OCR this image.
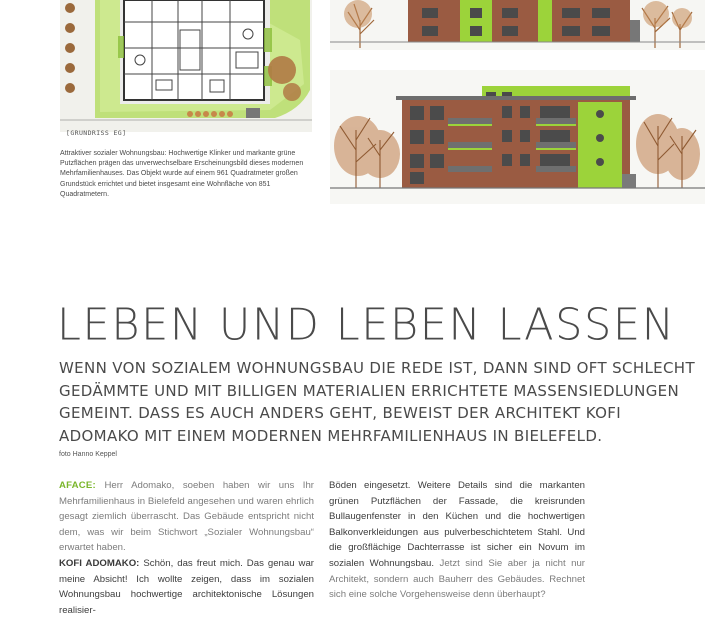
[GRUNDRISS EG]
Attraktiver sozialer Wohnungsbau: Hochwertige Klinker und markante grüne Putzflächen prägen das unverwechselbare Erscheinungsbild dieses modernen Mehrfamilienhauses. Das Objekt wurde auf einem 961 Quadratmeter großen Grundstück errichtet und bietet insgesamt eine Wohnfläche von 851 Quadratmetern.
LEBEN UND LEBEN LASSEN

WENN VON SOZIALEM WOHNUNGSBAU DIE REDE IST, DANN SIND OFT SCHLECHT GEDÄMMTE UND MIT BILLIGEN MATERIALIEN ERRICHTETE MASSENSIEDLUNGEN GEMEINT. DASS ES AUCH ANDERS GEHT, BEWEIST DER ARCHITEKT KOFI ADOMAKO MIT EINEM MODERNEN MEHRFAMILIENHAUS IN BIELEFELD.

foto Hanno Keppel

AFACE: Herr Adomako, soeben haben wir uns Ihr Mehrfamilienhaus in Bielefeld angesehen und waren ehrlich gesagt ziemlich überrascht. Das Gebäude entspricht nicht dem, was wir beim Stichwort „Sozialer Wohnungsbau“ erwartet haben.

KOFI ADOMAKO: Schön, das freut mich. Das genau war meine Absicht! Ich wollte zeigen, dass im sozialen Wohnungsbau hochwertige architektonische Lösungen realisier-

Böden eingesetzt. Weitere Details sind die markanten grünen Putzflächen der Fassade, die kreisrunden Bullaugenfenster in den Küchen und die hochwertigen Balkonverkleidungen aus pulverbeschichtetem Stahl. Und die großflächige Dachterrasse ist sicher ein Novum im sozialen Wohnungsbau. Jetzt sind Sie aber ja nicht nur Architekt, sondern auch Bauherr des Gebäudes. Rechnet sich eine solche Vorgehensweise denn überhaupt?
